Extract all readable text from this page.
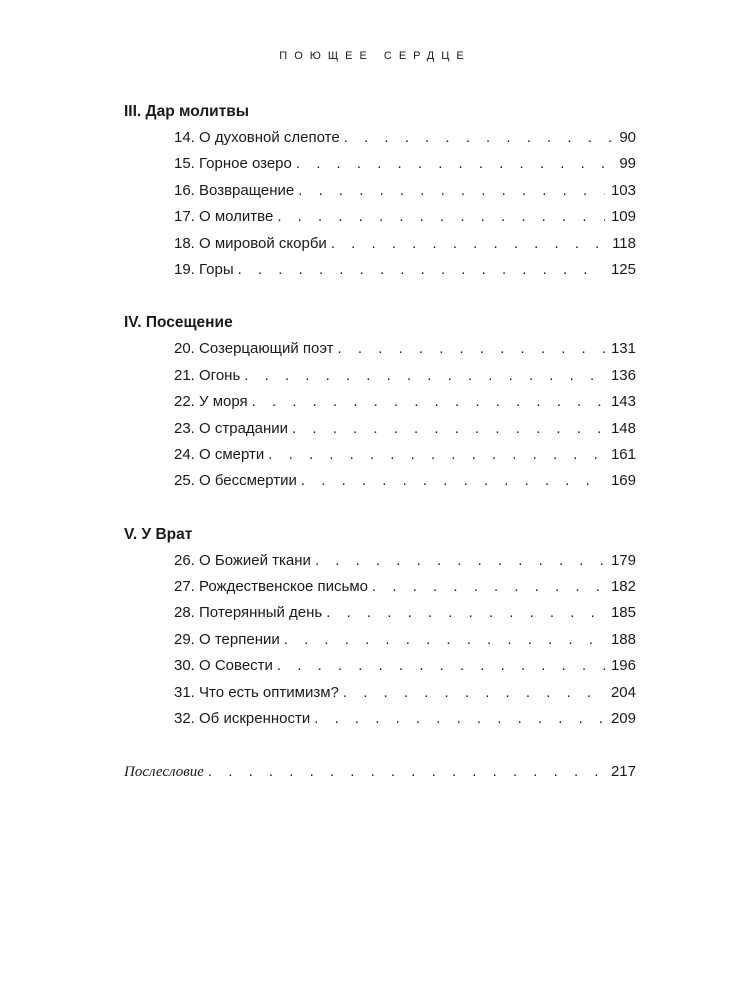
ПОЮЩЕЕ СЕРДЦЕ
III. Дар молитвы
14. О духовной слепоте . . .	90
15. Горное озеро . . .	99
16. Возвращение . . .	103
17. О молитве . . .	109
18. О мировой скорби . . .	118
19. Горы . . .	125
IV. Посещение
20. Созерцающий поэт . . .	131
21. Огонь . . .	136
22. У моря . . .	143
23. О страдании . . .	148
24. О смерти . . .	161
25. О бессмертии . . .	169
V. У Врат
26. О Божией ткани . . .	179
27. Рождественское письмо . . .	182
28. Потерянный день . . .	185
29. О терпении . . .	188
30. О Совести . . .	196
31. Что есть оптимизм? . . .	204
32. Об искренности . . .	209
Послесловие . . .	217
